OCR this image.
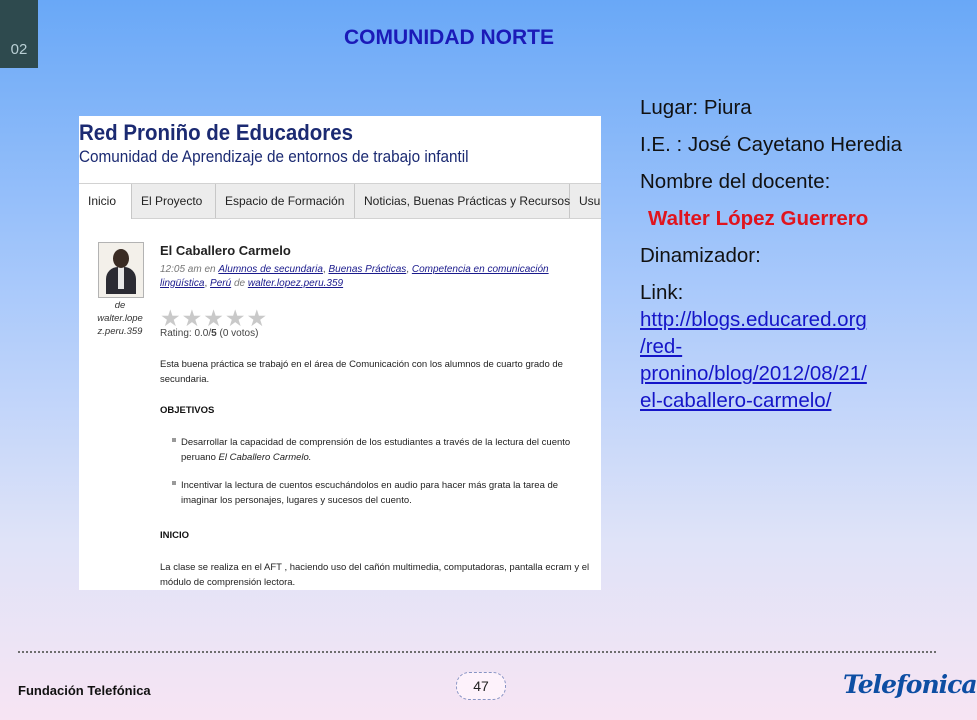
02
COMUNIDAD NORTE
Red Proniño de Educadores
Comunidad de Aprendizaje de entornos de trabajo infantil
Inicio	El Proyecto	Espacio de Formación	Noticias, Buenas Prácticas y Recursos Usu
de
walter.lope
z.peru.359
El Caballero Carmelo
12:05 am en Alumnos de secundaria, Buenas Prácticas, Competencia en comunicación lingüística, Perú de walter.lopez.peru.359
★★★★★
Rating: 0.0/5 (0 votos)
Esta buena práctica se trabajó en el área de Comunicación con los alumnos de cuarto grado de secundaria.
OBJETIVOS
Desarrollar la capacidad de comprensión de los estudiantes a través de la lectura del cuento peruano El Caballero Carmelo.
Incentivar la lectura de cuentos escuchándolos en audio para hacer más grata la tarea de imaginar los personajes, lugares y sucesos del cuento.
INICIO
La clase se realiza en el AFT , haciendo uso del cañón multimedia, computadoras, pantalla ecram y el módulo de comprensión lectora.

Lugar: Piura

I.E. : José Cayetano Heredia

Nombre del docente:

Walter López Guerrero

Dinamizador:

Link:
http://blogs.educared.org
/red-
pronino/blog/2012/08/21/
el-caballero-carmelo/

Fundación Telefónica	47	Telefonica
